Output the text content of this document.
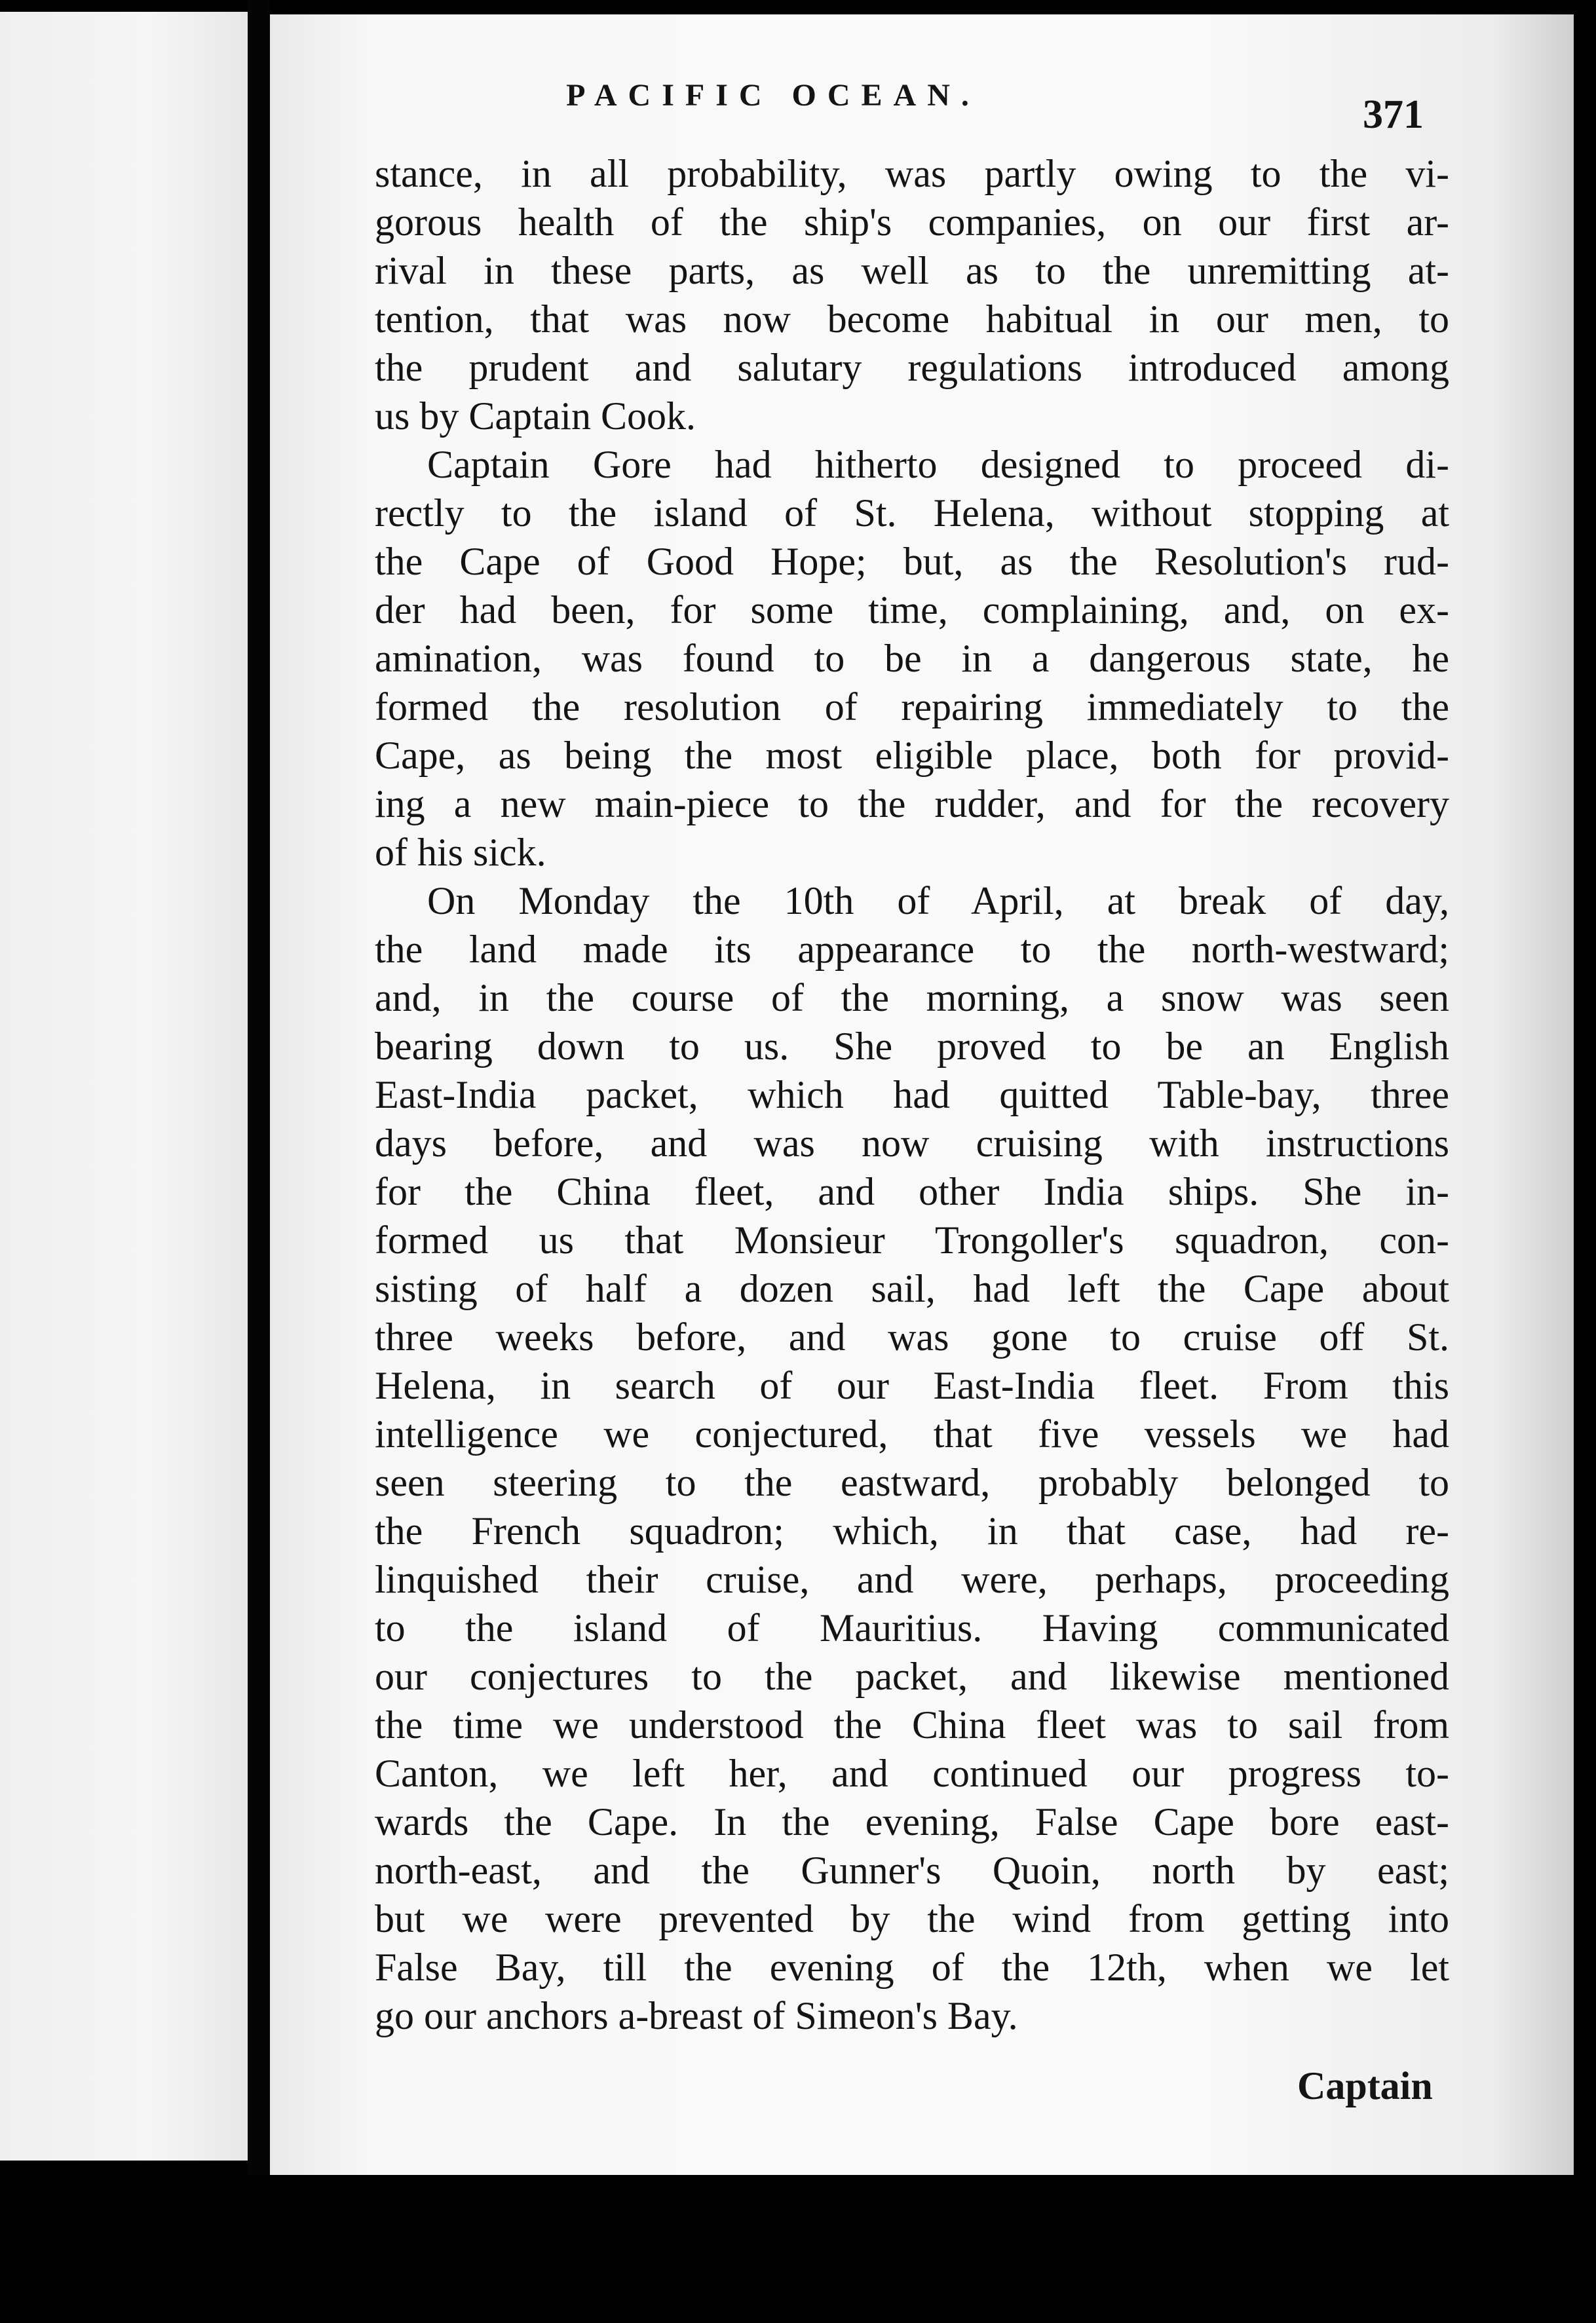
PACIFIC OCEAN.	371

stance, in all probability, was partly owing to the vi-
gorous health of the ship's companies, on our first ar-
rival in these parts, as well as to the unremitting at-
tention, that was now become habitual in our men, to
the prudent and salutary regulations introduced among
us by Captain Cook.
Captain Gore had hitherto designed to proceed di-
rectly to the island of St. Helena, without stopping at
the Cape of Good Hope; but, as the Resolution's rud-
der had been, for some time, complaining, and, on ex-
amination, was found to be in a dangerous state, he
formed the resolution of repairing immediately to the
Cape, as being the most eligible place, both for provid-
ing a new main-piece to the rudder, and for the recovery
of his sick.
On Monday the 10th of April, at break of day,
the land made its appearance to the north-westward;
and, in the course of the morning, a snow was seen
bearing down to us. She proved to be an English
East-India packet, which had quitted Table-bay, three
days before, and was now cruising with instructions
for the China fleet, and other India ships. She in-
formed us that Monsieur Trongoller's squadron, con-
sisting of half a dozen sail, had left the Cape about
three weeks before, and was gone to cruise off St.
Helena, in search of our East-India fleet. From this
intelligence we conjectured, that five vessels we had
seen steering to the eastward, probably belonged to
the French squadron; which, in that case, had re-
linquished their cruise, and were, perhaps, proceeding
to the island of Mauritius. Having communicated
our conjectures to the packet, and likewise mentioned
the time we understood the China fleet was to sail from
Canton, we left her, and continued our progress to-
wards the Cape. In the evening, False Cape bore east-
north-east, and the Gunner's Quoin, north by east;
but we were prevented by the wind from getting into
False Bay, till the evening of the 12th, when we let
go our anchors a-breast of Simeon's Bay.

Captain
